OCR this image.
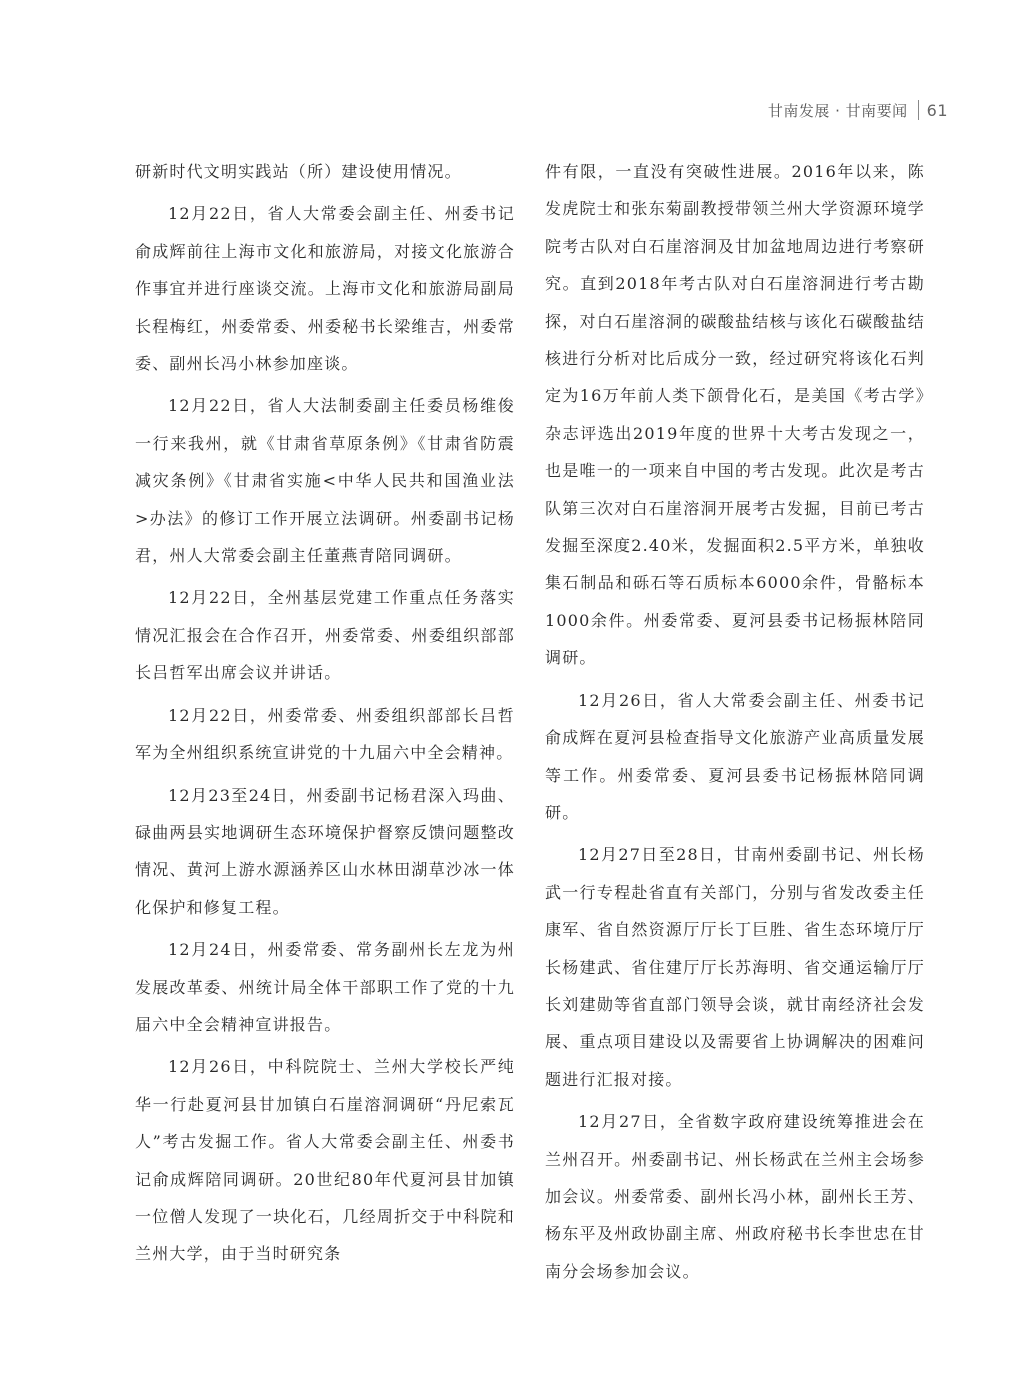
甘南发展 · 甘南要闻 61

研新时代文明实践站（所）建设使用情况。

12月22日，省人大常委会副主任、州委书记俞成辉前往上海市文化和旅游局，对接文化旅游合作事宜并进行座谈交流。上海市文化和旅游局副局长程梅红，州委常委、州委秘书长梁维吉，州委常委、副州长冯小林参加座谈。

12月22日，省人大法制委副主任委员杨维俊一行来我州，就《甘肃省草原条例》《甘肃省防震减灾条例》《甘肃省实施<中华人民共和国渔业法>办法》的修订工作开展立法调研。州委副书记杨君，州人大常委会副主任董燕青陪同调研。

12月22日，全州基层党建工作重点任务落实情况汇报会在合作召开，州委常委、州委组织部部长吕哲军出席会议并讲话。

12月22日，州委常委、州委组织部部长吕哲军为全州组织系统宣讲党的十九届六中全会精神。

12月23至24日，州委副书记杨君深入玛曲、碌曲两县实地调研生态环境保护督察反馈问题整改情况、黄河上游水源涵养区山水林田湖草沙冰一体化保护和修复工程。

12月24日，州委常委、常务副州长左龙为州发展改革委、州统计局全体干部职工作了党的十九届六中全会精神宣讲报告。

12月26日，中科院院士、兰州大学校长严纯华一行赴夏河县甘加镇白石崖溶洞调研“丹尼索瓦人”考古发掘工作。省人大常委会副主任、州委书记俞成辉陪同调研。20世纪80年代夏河县甘加镇一位僧人发现了一块化石，几经周折交于中科院和兰州大学，由于当时研究条

件有限，一直没有突破性进展。2016年以来，陈发虎院士和张东菊副教授带领兰州大学资源环境学院考古队对白石崖溶洞及甘加盆地周边进行考察研究。直到2018年考古队对白石崖溶洞进行考古勘探，对白石崖溶洞的碳酸盐结核与该化石碳酸盐结核进行分析对比后成分一致，经过研究将该化石判定为16万年前人类下颌骨化石，是美国《考古学》杂志评选出2019年度的世界十大考古发现之一，也是唯一的一项来自中国的考古发现。此次是考古队第三次对白石崖溶洞开展考古发掘，目前已考古发掘至深度2.40米，发掘面积2.5平方米，单独收集石制品和砾石等石质标本6000余件，骨骼标本1000余件。州委常委、夏河县委书记杨振林陪同调研。

12月26日，省人大常委会副主任、州委书记俞成辉在夏河县检查指导文化旅游产业高质量发展等工作。州委常委、夏河县委书记杨振林陪同调研。

12月27日至28日，甘南州委副书记、州长杨武一行专程赴省直有关部门，分别与省发改委主任康军、省自然资源厅厅长丁巨胜、省生态环境厅厅长杨建武、省住建厅厅长苏海明、省交通运输厅厅长刘建勋等省直部门领导会谈，就甘南经济社会发展、重点项目建设以及需要省上协调解决的困难问题进行汇报对接。

12月27日，全省数字政府建设统筹推进会在兰州召开。州委副书记、州长杨武在兰州主会场参加会议。州委常委、副州长冯小林，副州长王芳、杨东平及州政协副主席、州政府秘书长李世忠在甘南分会场参加会议。
